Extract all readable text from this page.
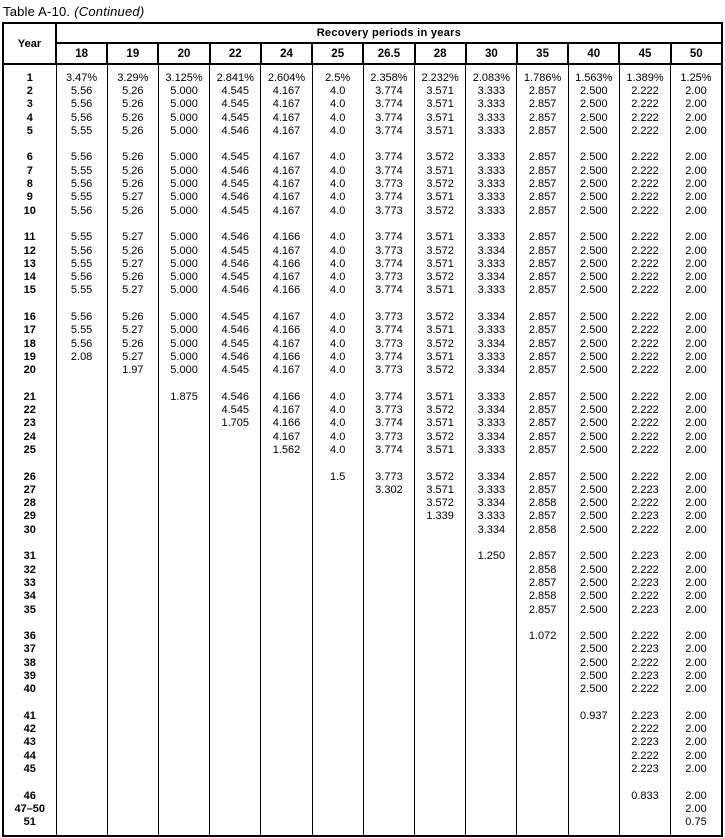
Table A-10. (Continued)
Year	Recovery periods in years												
	18	19	20	22	24	25	26.5	28	30	35	40	45	50

1	3.47%	3.29%	3.125%	2.841%	2.604%	2.5%	2.358%	2.232%	2.083%	1.786%	1.563%	1.389%	1.25%
2	5.56	5.26	5.000	4.545	4.167	4.0	3.774	3.571	3.333	2.857	2.500	2.222	2.00
3	5.56	5.26	5.000	4.545	4.167	4.0	3.774	3.571	3.333	2.857	2.500	2.222	2.00
4	5.56	5.26	5.000	4.545	4.167	4.0	3.774	3.571	3.333	2.857	2.500	2.222	2.00
5	5.55	5.26	5.000	4.546	4.167	4.0	3.774	3.571	3.333	2.857	2.500	2.222	2.00

6	5.56	5.26	5.000	4.545	4.167	4.0	3.774	3.572	3.333	2.857	2.500	2.222	2.00
7	5.55	5.26	5.000	4.546	4.167	4.0	3.774	3.571	3.333	2.857	2.500	2.222	2.00
8	5.56	5.26	5.000	4.545	4.167	4.0	3.773	3.572	3.333	2.857	2.500	2.222	2.00
9	5.55	5.27	5.000	4.546	4.167	4.0	3.774	3.571	3.333	2.857	2.500	2.222	2.00
10	5.56	5.26	5.000	4.545	4.167	4.0	3.773	3.572	3.333	2.857	2.500	2.222	2.00

11	5.55	5.27	5.000	4.546	4.166	4.0	3.774	3.571	3.333	2.857	2.500	2.222	2.00
12	5.56	5.26	5.000	4.545	4.167	4.0	3.773	3.572	3.334	2.857	2.500	2.222	2.00
13	5.55	5.27	5.000	4.546	4.166	4.0	3.774	3.571	3.333	2.857	2.500	2.222	2.00
14	5.56	5.26	5.000	4.545	4.167	4.0	3.773	3.572	3.334	2.857	2.500	2.222	2.00
15	5.55	5.27	5.000	4.546	4.166	4.0	3.774	3.571	3.333	2.857	2.500	2.222	2.00

16	5.56	5.26	5.000	4.545	4.167	4.0	3.773	3.572	3.334	2.857	2.500	2.222	2.00
17	5.55	5.27	5.000	4.546	4.166	4.0	3.774	3.571	3.333	2.857	2.500	2.222	2.00
18	5.56	5.26	5.000	4.545	4.167	4.0	3.773	3.572	3.334	2.857	2.500	2.222	2.00
19	2.08	5.27	5.000	4.546	4.166	4.0	3.774	3.571	3.333	2.857	2.500	2.222	2.00
20		1.97	5.000	4.545	4.167	4.0	3.773	3.572	3.334	2.857	2.500	2.222	2.00

21			1.875	4.546	4.166	4.0	3.774	3.571	3.333	2.857	2.500	2.222	2.00
22				4.545	4.167	4.0	3.773	3.572	3.334	2.857	2.500	2.222	2.00
23				1.705	4.166	4.0	3.774	3.571	3.333	2.857	2.500	2.222	2.00
24					4.167	4.0	3.773	3.572	3.334	2.857	2.500	2.222	2.00
25					1.562	4.0	3.774	3.571	3.333	2.857	2.500	2.222	2.00

26						1.5	3.773	3.572	3.334	2.857	2.500	2.222	2.00
27							3.302	3.571	3.333	2.857	2.500	2.223	2.00
28								3.572	3.334	2.858	2.500	2.222	2.00
29								1.339	3.333	2.857	2.500	2.223	2.00
30									3.334	2.858	2.500	2.222	2.00

31									1.250	2.857	2.500	2.223	2.00
32										2.858	2.500	2.222	2.00
33										2.857	2.500	2.223	2.00
34										2.858	2.500	2.222	2.00
35										2.857	2.500	2.223	2.00

36										1.072	2.500	2.222	2.00
37											2.500	2.223	2.00
38											2.500	2.222	2.00
39											2.500	2.223	2.00
40											2.500	2.222	2.00

41											0.937	2.223	2.00
42												2.222	2.00
43												2.223	2.00
44												2.222	2.00
45												2.223	2.00

46												0.833	2.00
47–50													2.00
51													0.75
